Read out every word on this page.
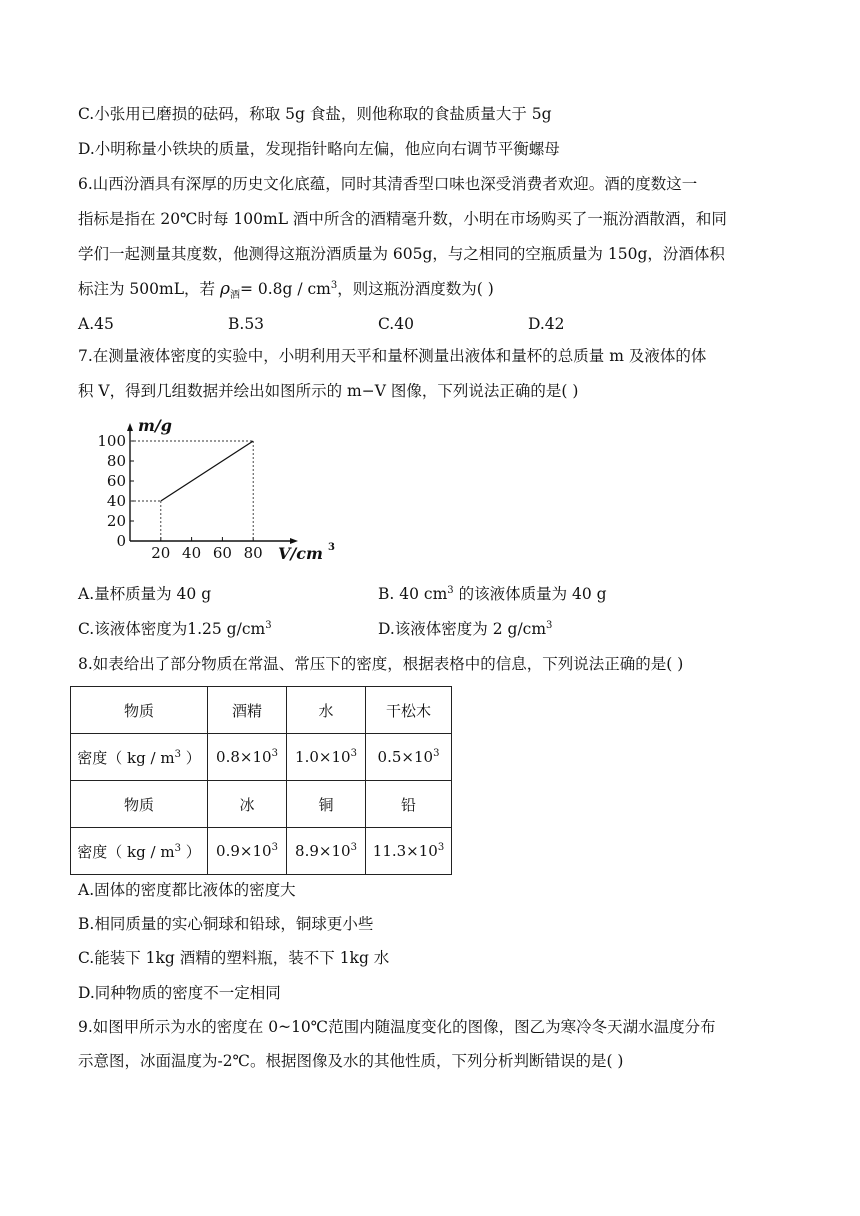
C.小张用已磨损的砝码，称取 5g 食盐，则他称取的食盐质量大于 5g
D.小明称量小铁块的质量，发现指针略向左偏，他应向右调节平衡螺母
6.山西汾酒具有深厚的历史文化底蕴，同时其清香型口味也深受消费者欢迎。酒的度数这一
指标是指在 20℃时每 100mL 酒中所含的酒精毫升数，小明在市场购买了一瓶汾酒散酒，和同
学们一起测量其度数，他测得这瓶汾酒质量为 605g，与之相同的空瓶质量为 150g，汾酒体积
标注为 500mL，若 $\rho_酒= 0.8g / cm^3$，则这瓶汾酒度数为( )
A.45	B.53	C.40	D.42
7.在测量液体密度的实验中，小明利用天平和量杯测量出液体和量杯的总质量 m 及液体的体
积 V，得到几组数据并绘出如图所示的 m−V 图像，下列说法正确的是( )
0
20
40
60
80
100
20 40 60 80
m/g
V/cm 3
A.量杯质量为 40 g	B. 40 $cm^3$ 的该液体质量为 40 g
C.该液体密度为1.25 $g/cm^3$	D.该液体密度为 2 $g/cm^3$
8.如表给出了部分物质在常温、常压下的密度，根据表格中的信息，下列说法正确的是( )
物质	酒精	水	干松木
密度（ kg / $m^3$ ）	$0.8\times 10^3$	$1.0\times 10^3$	$0.5\times 10^3$
物质	冰	铜	铅
密度（ kg / $m^3$ ）	$0.9\times 10^3$	$8.9\times 10^3$	$11.3\times 10^3$
A.固体的密度都比液体的密度大
B.相同质量的实心铜球和铅球，铜球更小些
C.能装下 1kg 酒精的塑料瓶，装不下 1kg 水
D.同种物质的密度不一定相同
9.如图甲所示为水的密度在 0~10℃范围内随温度变化的图像，图乙为寒冷冬天湖水温度分布
示意图，冰面温度为-2℃。根据图像及水的其他性质，下列分析判断错误的是( )
